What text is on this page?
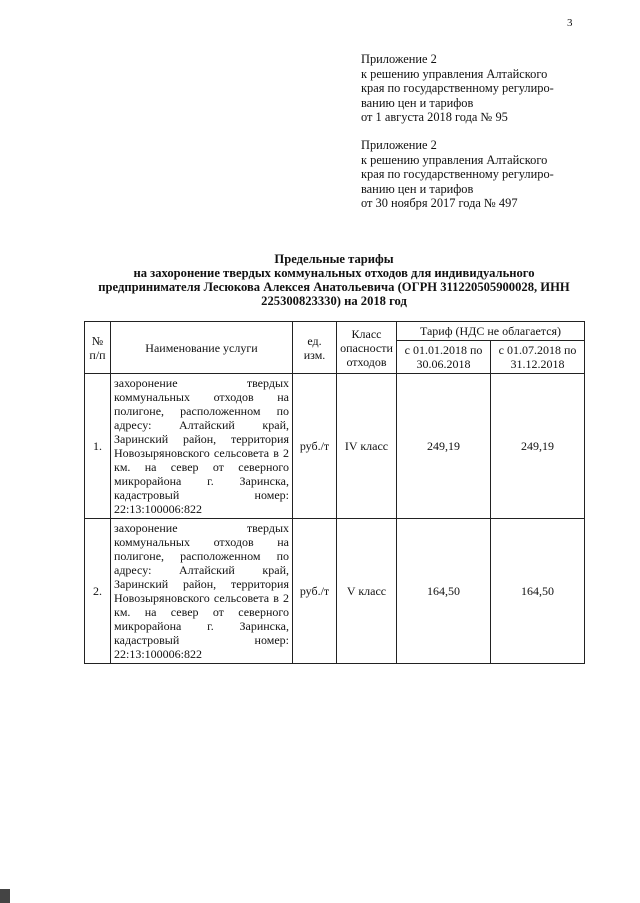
3
Приложение 2
к решению управления Алтайского
края по государственному регулиро-
ванию цен и тарифов
от 1 августа 2018 года № 95
Приложение 2
к решению управления Алтайского
края по государственному регулиро-
ванию цен и тарифов
от 30 ноября 2017 года № 497
Предельные тарифы
на захоронение твердых коммунальных отходов для индивидуального
предпринимателя Лесюкова Алексея Анатольевича (ОГРН 311220505900028, ИНН
225300823330) на 2018 год
№ п/п	Наименование услуги	ед. изм.	Класс опасности отходов	Тариф (НДС не облагается)	
				с 01.01.2018 по 30.06.2018	с 01.07.2018 по 31.12.2018
1.	захоронение твердых коммунальных отходов на полигоне, расположенном по адресу: Алтайский край, Заринский район, территория Новозыряновского сельсовета в 2 км. на север от северного микрорайона г. Заринска, кадастровый номер: 22:13:100006:822	руб./т	IV класс	249,19	249,19
2.	захоронение твердых коммунальных отходов на полигоне, расположенном по адресу: Алтайский край, Заринский район, территория Новозыряновского сельсовета в 2 км. на север от северного микрорайона г. Заринска, кадастровый номер: 22:13:100006:822	руб./т	V класс	164,50	164,50
